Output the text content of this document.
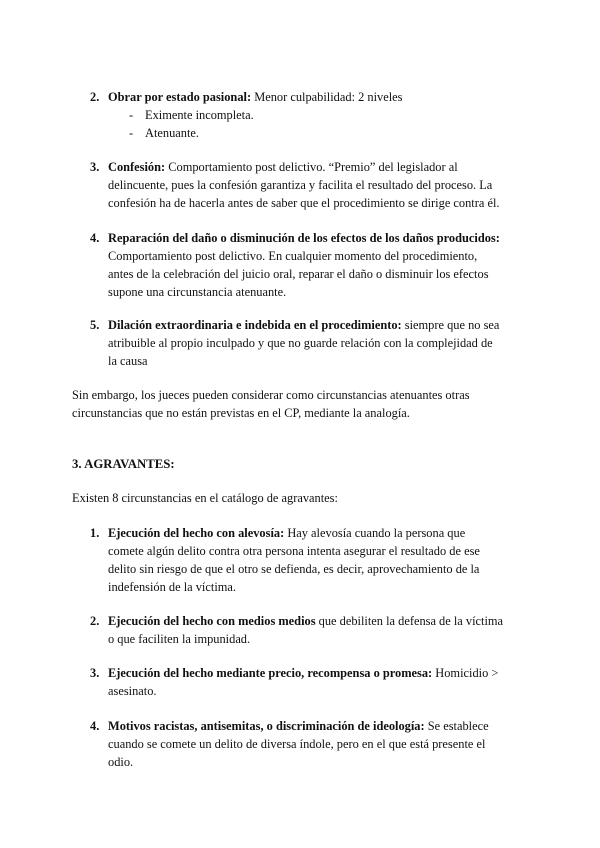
2. Obrar por estado pasional: Menor culpabilidad: 2 niveles
- Eximente incompleta.
- Atenuante.
3. Confesión: Comportamiento post delictivo. “Premio” del legislador al
delincuente, pues la confesión garantiza y facilita el resultado del proceso. La
confesión ha de hacerla antes de saber que el procedimiento se dirige contra él.
4. Reparación del daño o disminución de los efectos de los daños producidos:
Comportamiento post delictivo. En cualquier momento del procedimiento,
antes de la celebración del juicio oral, reparar el daño o disminuir los efectos
supone una circunstancia atenuante.
5. Dilación extraordinaria e indebida en el procedimiento: siempre que no sea
atribuible al propio inculpado y que no guarde relación con la complejidad de
la causa
Sin embargo, los jueces pueden considerar como circunstancias atenuantes otras
circunstancias que no están previstas en el CP, mediante la analogía.
3. AGRAVANTES:
Existen 8 circunstancias en el catálogo de agravantes:
1. Ejecución del hecho con alevosía: Hay alevosía cuando la persona que
comete algún delito contra otra persona intenta asegurar el resultado de ese
delito sin riesgo de que el otro se defienda, es decir, aprovechamiento de la
indefensión de la víctima.
2. Ejecución del hecho con medios medios que debiliten la defensa de la víctima
o que faciliten la impunidad.
3. Ejecución del hecho mediante precio, recompensa o promesa: Homicidio >
asesinato.
4. Motivos racistas, antisemitas, o discriminación de ideología: Se establece
cuando se comete un delito de diversa índole, pero en el que está presente el
odio.
